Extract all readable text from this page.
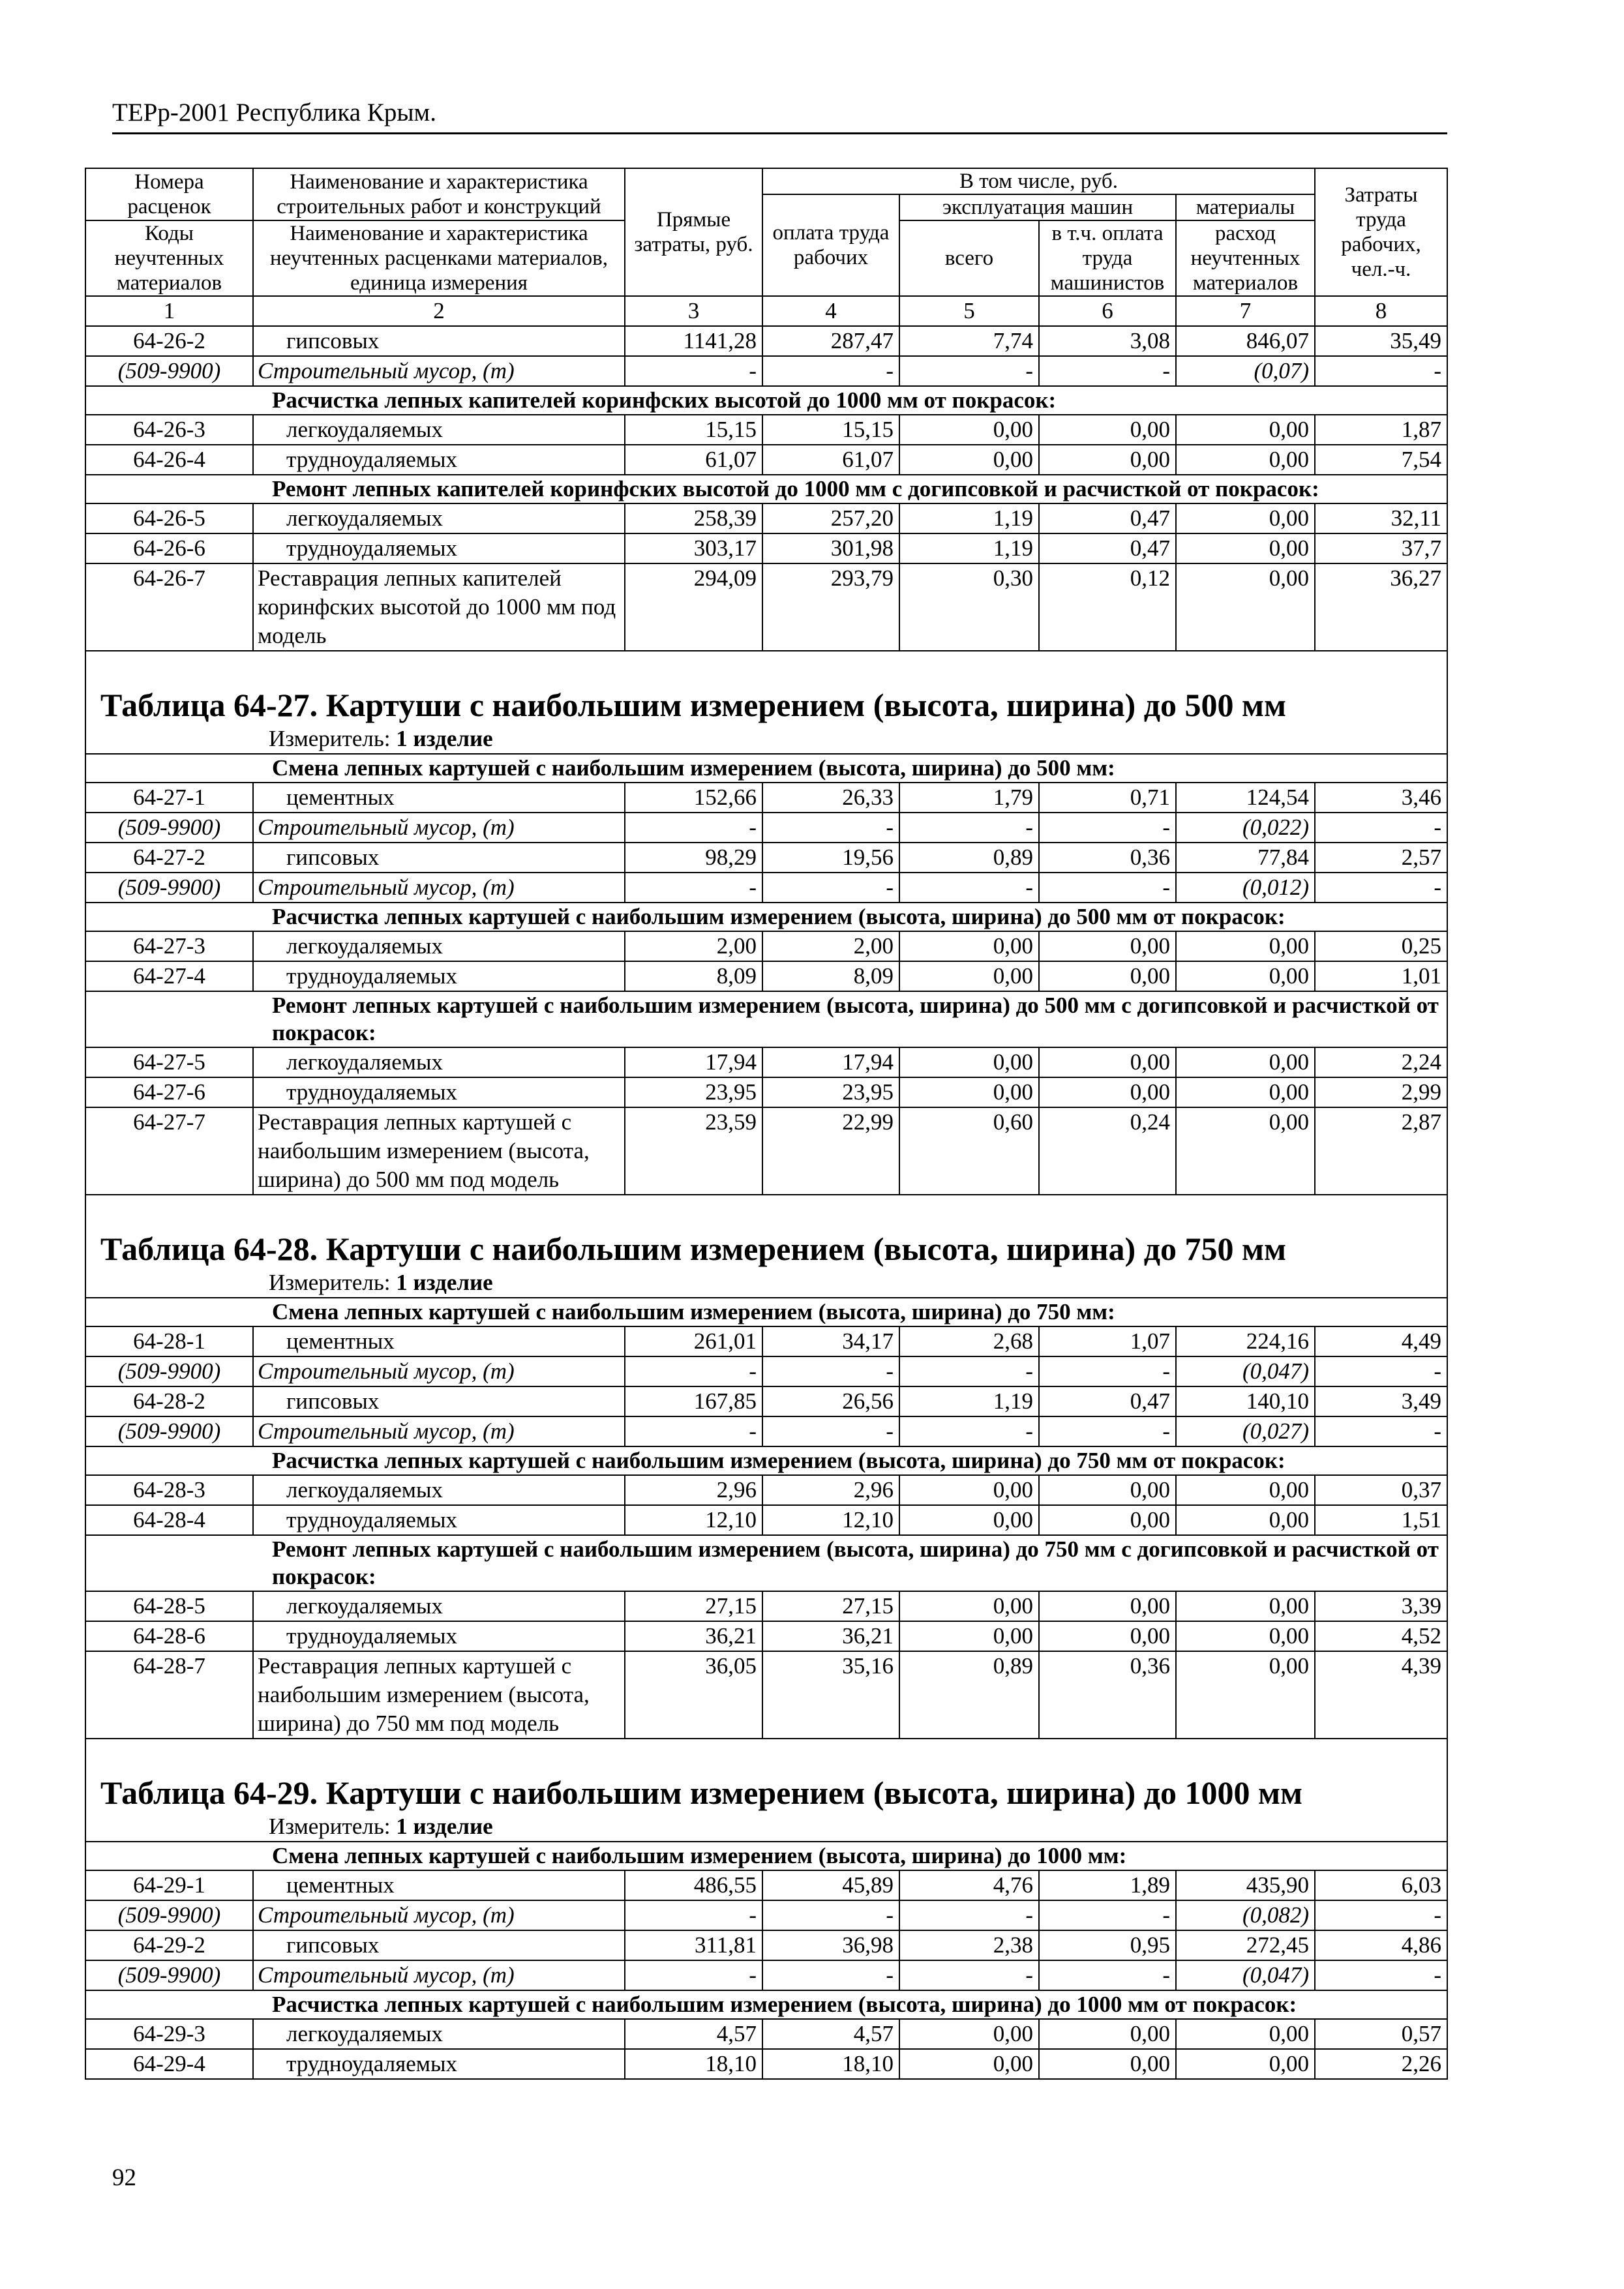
ТЕРр-2001 Республика Крым.
Номера расценок	Наименование и характеристика строительных работ и конструкций	Прямые затраты, руб.	В том числе, руб.				Затраты труда рабочих, чел.-ч.
			оплата труда рабочих	эксплуатация машин		материалы	
Коды неучтенных материалов	Наименование и характеристика неучтенных расценками материалов, единица измерения			всего	в т.ч. оплата труда машинистов	расход неучтенных материалов	

1	2	3	4	5	6	7	8
64-26-2	гипсовых	1141,28	287,47	7,74	3,08	846,07	35,49
(509-9900)	Строительный мусор, (т)	-	-	-	-	(0,07)	-
Расчистка лепных капителей коринфских высотой до 1000 мм от покрасок:							
64-26-3	легкоудаляемых	15,15	15,15	0,00	0,00	0,00	1,87
64-26-4	трудноудаляемых	61,07	61,07	0,00	0,00	0,00	7,54
Ремонт лепных капителей коринфских высотой до 1000 мм с догипсовкой и расчисткой от покрасок:							
64-26-5	легкоудаляемых	258,39	257,20	1,19	0,47	0,00	32,11
64-26-6	трудноудаляемых	303,17	301,98	1,19	0,47	0,00	37,7
64-26-7	Реставрация лепных капителей коринфских высотой до 1000 мм под модель	294,09	293,79	0,30	0,12	0,00	36,27
Таблица 64-27. Картуши с наибольшим измерением (высота, ширина) до 500 мм							
Измеритель: 1 изделие							
Смена лепных картушей с наибольшим измерением (высота, ширина) до 500 мм:							
64-27-1	цементных	152,66	26,33	1,79	0,71	124,54	3,46
(509-9900)	Строительный мусор, (т)	-	-	-	-	(0,022)	-
64-27-2	гипсовых	98,29	19,56	0,89	0,36	77,84	2,57
(509-9900)	Строительный мусор, (т)	-	-	-	-	(0,012)	-
Расчистка лепных картушей с наибольшим измерением (высота, ширина) до 500 мм от покрасок:							
64-27-3	легкоудаляемых	2,00	2,00	0,00	0,00	0,00	0,25
64-27-4	трудноудаляемых	8,09	8,09	0,00	0,00	0,00	1,01
Ремонт лепных картушей с наибольшим измерением (высота, ширина) до 500 мм с догипсовкой и расчисткой от покрасок:							
64-27-5	легкоудаляемых	17,94	17,94	0,00	0,00	0,00	2,24
64-27-6	трудноудаляемых	23,95	23,95	0,00	0,00	0,00	2,99
64-27-7	Реставрация лепных картушей с наибольшим измерением (высота, ширина) до 500 мм под модель	23,59	22,99	0,60	0,24	0,00	2,87
Таблица 64-28. Картуши с наибольшим измерением (высота, ширина) до 750 мм							
Измеритель: 1 изделие							
Смена лепных картушей с наибольшим измерением (высота, ширина) до 750 мм:							
64-28-1	цементных	261,01	34,17	2,68	1,07	224,16	4,49
(509-9900)	Строительный мусор, (т)	-	-	-	-	(0,047)	-
64-28-2	гипсовых	167,85	26,56	1,19	0,47	140,10	3,49
(509-9900)	Строительный мусор, (т)	-	-	-	-	(0,027)	-
Расчистка лепных картушей с наибольшим измерением (высота, ширина) до 750 мм от покрасок:							
64-28-3	легкоудаляемых	2,96	2,96	0,00	0,00	0,00	0,37
64-28-4	трудноудаляемых	12,10	12,10	0,00	0,00	0,00	1,51
Ремонт лепных картушей с наибольшим измерением (высота, ширина) до 750 мм с догипсовкой и расчисткой от покрасок:							
64-28-5	легкоудаляемых	27,15	27,15	0,00	0,00	0,00	3,39
64-28-6	трудноудаляемых	36,21	36,21	0,00	0,00	0,00	4,52
64-28-7	Реставрация лепных картушей с наибольшим измерением (высота, ширина) до 750 мм под модель	36,05	35,16	0,89	0,36	0,00	4,39
Таблица 64-29. Картуши с наибольшим измерением (высота, ширина) до 1000 мм							
Измеритель: 1 изделие							
Смена лепных картушей с наибольшим измерением (высота, ширина) до 1000 мм:							
64-29-1	цементных	486,55	45,89	4,76	1,89	435,90	6,03
(509-9900)	Строительный мусор, (т)	-	-	-	-	(0,082)	-
64-29-2	гипсовых	311,81	36,98	2,38	0,95	272,45	4,86
(509-9900)	Строительный мусор, (т)	-	-	-	-	(0,047)	-
Расчистка лепных картушей с наибольшим измерением (высота, ширина) до 1000 мм от покрасок:							
64-29-3	легкоудаляемых	4,57	4,57	0,00	0,00	0,00	0,57
64-29-4	трудноудаляемых	18,10	18,10	0,00	0,00	0,00	2,26
92
